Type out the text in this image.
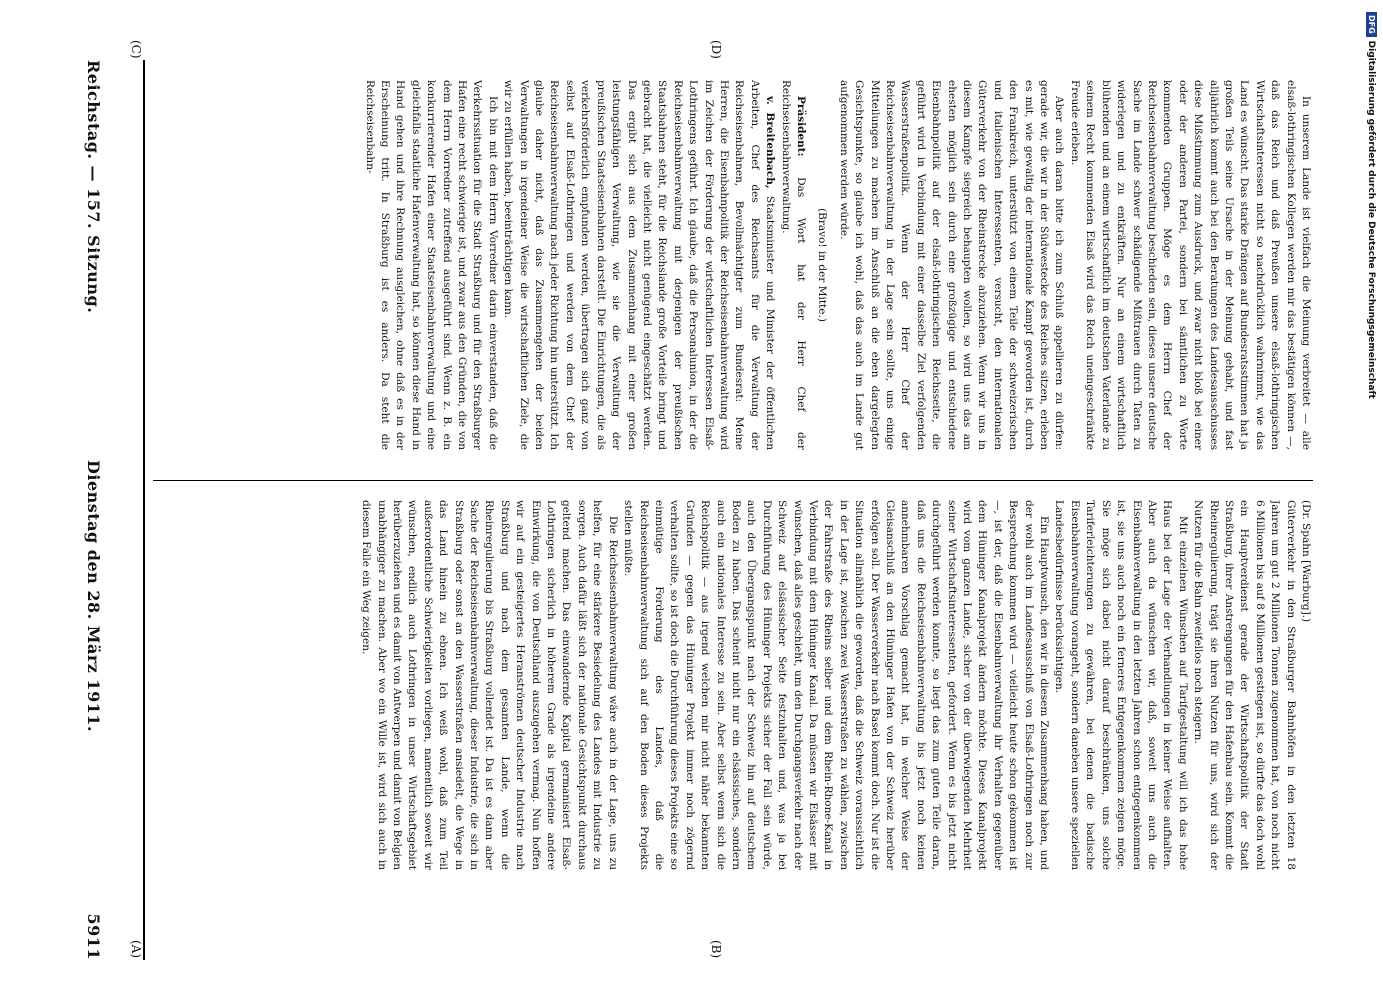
Reichstag. — 157. Sitzung.
Dienstag den 28. März 1911.
5911 (A)	(B)
(C)	(D)

(Dr. Spahn [Warburg].)

Güterverkehr in den Straßburger Bahnhöfen in den letzten 18 Jahren um gut 2 Millionen Tonnen zugenommen hat, von noch nicht 6 Millionen bis auf 8 Millionen gestiegen ist, so dürfte das doch wohl ein Hauptverdienst gerade der Wirtschaftspolitik der Stadt Straßburg, ihrer Anstrengungen für den Hafenbau sein. Kommt die Rheinregulierung, trägt sie ihren Nutzen für uns, wird sich der Nutzen für die Bahn zweifellos noch steigern.

Mit einzelnen Wünschen auf Tarifgestaltung will ich das hohe Haus bei der Lage der Verhandlungen in keiner Weise aufhalten. Aber auch da wünschen wir, daß, soweit uns auch die Eisenbahnverwaltung in den letzten Jahren schon entgegenkommen ist, sie uns auch noch ein ferneres Entgegenkommen zeigen möge. Sie möge sich dabei nicht darauf beschränken, uns solche Tariferleichterungen zu gewähren, bei denen die badische Eisenbahnverwaltung vorangeht, sondern daneben unsere speziellen Landesbedürfnisse berücksichtigen.

Ein Hauptwunsch, den wir in diesem Zusammenhang haben, und der wohl auch im Landesausschuß von Elsaß-Lothringen noch zur Besprechung kommen wird — vielleicht heute schon gekommen ist —, ist der, daß die Eisenbahnverwaltung ihr Verhalten gegenüber dem Hüninger Kanalprojekt ändern möchte. Dieses Kanalprojekt wird vom ganzen Lande, sicher von der überwiegenden Mehrheit seiner Wirtschaftsinteressenten, gefordert. Wenn es bis jetzt nicht durchgeführt werden konnte, so liegt das zum guten Teile daran, daß uns die Reichseisenbahnverwaltung bis jetzt noch keinen annehmbaren Vorschlag gemacht hat, in welcher Weise der Gleisanschluß an den Hüninger Hafen von der Schweiz herüber erfolgen soll. Der Wasserverkehr nach Basel kommt doch. Nur ist die Situation allmählich die geworden, daß die Schweiz voraussichtlich in der Lage ist, zwischen zwei Wasserstraßen zu wählen, zwischen der Fahrstraße des Rheins selber und dem Rhein-Rhone-Kanal in Verbindung mit dem Hüninger Kanal. Da müssen wir Elsässer mit wünschen, daß alles geschieht, um den Durchgangsverkehr nach der Schweiz auf elsässischer Seite festzuhalten und, was ja bei Durchführung des Hüninger Projekts sicher der Fall sein würde, auch den Übergangspunkt nach der Schweiz hin auf deutschem Boden zu haben. Das scheint nicht nur ein elsässisches, sondern auch ein nationales Interesse zu sein. Aber selbst wenn sich die Reichspolitik — aus irgend welchen mir nicht näher bekannten Gründen — gegen das Hüninger Projekt immer noch zögernd verhalten sollte, so ist doch die Durchführung dieses Projekts eine so einmütige Forderung des Landes, daß die Reichseisenbahnverwaltung sich auf den Boden dieses Projekts stellen müßte.

Die Reichseisenbahnverwaltung wäre auch in der Lage, uns zu helfen, für eine stärkere Besiedelung des Landes mit Industrie zu sorgen. Auch dafür läßt sich der nationale Gesichtspunkt durchaus geltend machen. Das einwandernde Kapital germanisiert Elsaß-Lothringen sicherlich in höherem Grade als irgendeine andere Einwirkung, die von Deutschland auszugehen vermag. Nun hoffen wir auf ein gesteigertes Heranströmen deutscher Industrie nach Straßburg und nach dem gesamten Lande, wenn die Rheinregulierung bis Straßburg vollendet ist. Da ist es dann aber Sache der Reichseisenbahnverwaltung, dieser Industrie, die sich in Straßburg oder sonst an den Wasserstraßen ansiedelt, die Wege in das Land hinein zu ebnen. Ich weiß wohl, daß zum Teil außerordentliche Schwierigkeiten vorliegen, namentlich soweit wir wünschen, endlich auch Lothringen in unser Wirtschaftsgebiet herüberzuziehen und es damit von Antwerpen und damit von Belgien unabhängiger zu machen. Aber wo ein Wille ist, wird sich auch in diesem Falle ein Weg zeigen.

In unserem Lande ist vielfach die Meinung verbreitet — alle elsaß-lothringischen Kollegen werden mir das bestätigen können —, daß das Reich und daß Preußen unsere elsaß-lothringischen Wirtschaftsinteressen nicht so nachdrücklich wahrnimmt, wie das Land es wünscht. Das starke Drängen auf Bundesratsstimmen hat ja großen Teils seine Ursache in der Meinung gehabt, und fast alljährlich kommt auch bei den Beratungen des Landesausschusses diese Mißstimmung zum Ausdruck, und zwar nicht bloß bei einer oder der anderen Partei, sondern bei sämtlichen zu Worte kommenden Gruppen. Möge es dem Herrn Chef der Reichseisenbahnverwaltung beschieden sein, dieses unsere deutsche Sache im Lande schwer schädigende Mißtrauen durch Taten zu widerlegen und zu entkräften. Nur an einem wirtschaftlich blühenden und an einem wirtschaftlich im deutschen Vaterlande zu seinem Recht kommenden Elsaß wird das Reich uneingeschränkte Freude erleben.

Aber auch daran bitte ich zum Schluß appellieren zu dürfen: gerade wir, die wir in der Südwestecke des Reiches sitzen, erleben es mit, wie gewaltig der internationale Kampf geworden ist, durch den Frankreich, unterstützt von einem Teile der schweizerischen und italienischen Interessenten, versucht, den internationalen Güterverkehr von der Rheinstrecke abzuziehen. Wenn wir uns in diesem Kampfe siegreich behaupten wollen, so wird uns das am ehesten möglich sein durch eine großzügige und entschiedene Eisenbahnpolitik auf der elsaß-lothringischen Reichsseite, die geführt wird in Verbindung mit einer dasselbe Ziel verfolgenden Wasserstraßenpolitik. Wenn der Herr Chef der Reichseisenbahnverwaltung in der Lage sein sollte, uns einige Mitteilungen zu machen im Anschluß an die eben dargelegten Gesichtspunkte, so glaube ich wohl, daß das auch im Lande gut aufgenommen werden würde.

(Bravo! in der Mitte.)

Präsident: Das Wort hat der Herr Chef der Reichseisenbahnverwaltung.

v. Breitenbach, Staatsminister und Minister der öffentlichen Arbeiten, Chef des Reichsamts für die Verwaltung der Reichseisenbahnen, Bevollmächtigter zum Bundesrat: Meine Herren, die Eisenbahnpolitik der Reichseisenbahnverwaltung wird im Zeichen der Förderung der wirtschaftlichen Interessen Elsaß-Lothringens geführt. Ich glaube, daß die Personalunion, in der die Reichseisenbahnverwaltung mit derjenigen der preußischen Staatsbahnen steht, für die Reichslande große Vorteile bringt und gebracht hat, die vielleicht nicht genügend eingeschätzt werden. Das ergibt sich aus dem Zusammenhang mit einer großen leistungsfähigen Verwaltung, wie sie die Verwaltung der preußischen Staatseisenbahnen darstellt. Die Einrichtungen, die als verkehrsförderlich empfunden werden, übertragen sich ganz von selbst auf Elsaß-Lothringen und werden von dem Chef der Reichseisenbahnverwaltung nach jeder Richtung hin unterstützt. Ich glaube daher nicht, daß das Zusammengehen der beiden Verwaltungen in irgendeiner Weise die wirtschaftlichen Ziele, die wir zu erfüllen haben, beeinträchtigen kann.

Ich bin mit dem Herrn Vorredner darin einverstanden, daß die Verkehrssituation für die Stadt Straßburg und für den Straßburger Hafen eine recht schwierige ist, und zwar aus den Gründen, die von dem Herrn Vorredner zutreffend ausgeführt sind. Wenn z. B. ein konkurrierender Hafen einer Staatseisenbahnverwaltung und eine gleichfalls staatliche Hafenverwaltung hat, so können diese Hand in Hand gehen und ihre Rechnung ausgleichen, ohne daß es in der Erscheinung tritt. In Straßburg ist es anders. Da steht die Reichseisenbahn-

DFGDigitalisierung gefördert durch die Deutsche Forschungsgemeinschaft
